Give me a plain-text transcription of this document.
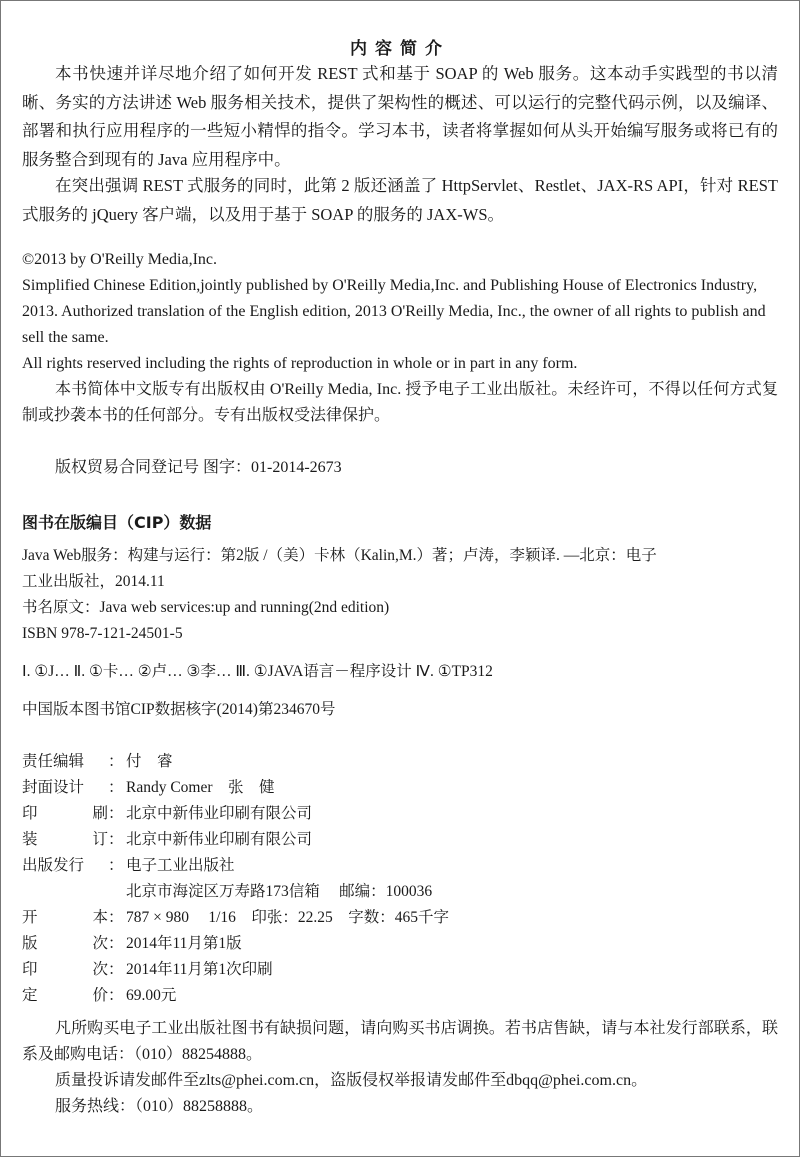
内容简介

本书快速并详尽地介绍了如何开发 REST 式和基于 SOAP 的 Web 服务。这本动手实践型的书以清晰、务实的方法讲述 Web 服务相关技术，提供了架构性的概述、可以运行的完整代码示例，以及编译、部署和执行应用程序的一些短小精悍的指令。学习本书，读者将掌握如何从头开始编写服务或将已有的服务整合到现有的 Java 应用程序中。

在突出强调 REST 式服务的同时，此第 2 版还涵盖了 HttpServlet、Restlet、JAX-RS API，针对 REST 式服务的 jQuery 客户端，以及用于基于 SOAP 的服务的 JAX-WS。

©2013 by O'Reilly Media,Inc.

Simplified Chinese Edition,jointly published by O'Reilly Media,Inc. and Publishing House of Electronics Industry, 2013. Authorized translation of the English edition, 2013 O'Reilly Media, Inc., the owner of all rights to publish and sell the same.

All rights reserved including the rights of reproduction in whole or in part in any form.

本书简体中文版专有出版权由 O'Reilly Media, Inc. 授予电子工业出版社。未经许可，不得以任何方式复制或抄袭本书的任何部分。专有出版权受法律保护。

版权贸易合同登记号 图字：01-2014-2673
图书在版编目（CIP）数据
Java Web服务：构建与运行：第2版 /（美）卡林（Kalin,M.）著；卢涛，李颖译. —北京：电子
工业出版社，2014.11
书名原文：Java web services:up and running(2nd edition)
ISBN 978-7-121-24501-5
Ⅰ. ①J… Ⅱ. ①卡… ②卢… ③李… Ⅲ. ①JAVA语言－程序设计 Ⅳ. ①TP312
中国版本图书馆CIP数据核字(2014)第234670号
责任编辑 ： 付　睿
封面设计 ： Randy Comer　张　健
印	刷 ： 北京中新伟业印刷有限公司
装	订 ： 北京中新伟业印刷有限公司
出版发行 ： 电子工业出版社
北京市海淀区万寿路173信箱　 邮编：100036
开	本 ： 787 × 980　 1/16　印张：22.25　字数：465千字
版	次 ： 2014年11月第1版
印	次 ： 2014年11月第1次印刷
定	价 ： 69.00元

凡所购买电子工业出版社图书有缺损问题，请向购买书店调换。若书店售缺，请与本社发行部联系，联系及邮购电话：（010）88254888。

质量投诉请发邮件至zlts@phei.com.cn，盗版侵权举报请发邮件至dbqq@phei.com.cn。

服务热线：（010）88258888。
